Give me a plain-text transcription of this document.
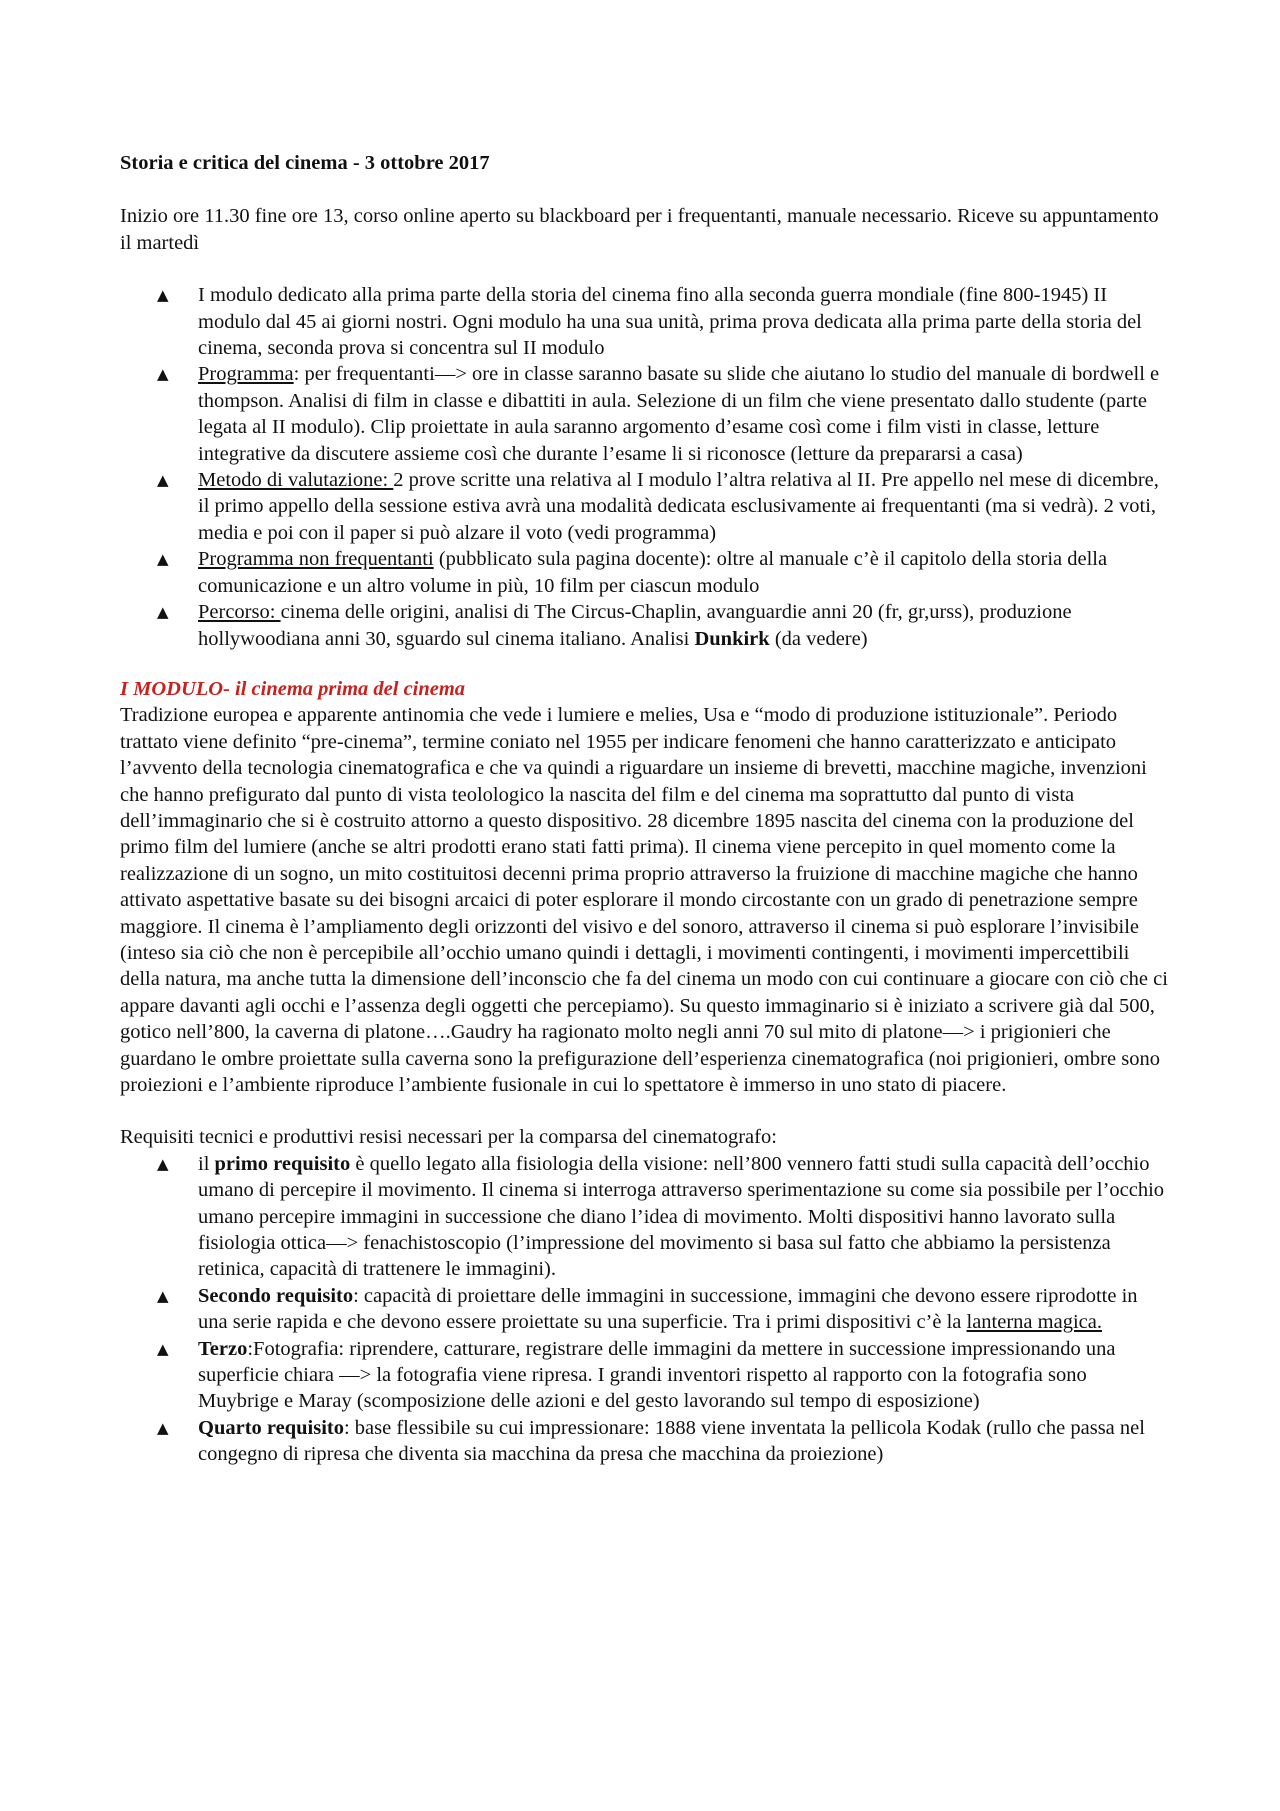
Storia e critica del cinema - 3 ottobre 2017

Inizio ore 11.30 fine ore 13, corso online aperto su blackboard per i frequentanti, manuale necessario. Riceve su appuntamento il martedì

▲ I modulo dedicato alla prima parte della storia del cinema fino alla seconda guerra mondiale (fine 800-1945) II modulo dal 45 ai giorni nostri. Ogni modulo ha una sua unità, prima prova dedicata alla prima parte della storia del cinema, seconda prova si concentra sul II modulo
▲ Programma: per frequentanti—> ore in classe saranno basate su slide che aiutano lo studio del manuale di bordwell e thompson. Analisi di film in classe e dibattiti in aula. Selezione di un film che viene presentato dallo studente (parte legata al II modulo). Clip proiettate in aula saranno argomento d’esame così come i film visti in classe, letture integrative da discutere assieme così che durante l’esame li si riconosce (letture da prepararsi a casa)
▲ Metodo di valutazione: 2 prove scritte una relativa al I modulo l’altra relativa al II. Pre appello nel mese di dicembre, il primo appello della sessione estiva avrà una modalità dedicata esclusivamente ai frequentanti (ma si vedrà). 2 voti, media e poi con il paper si può alzare il voto (vedi programma)
▲ Programma non frequentanti (pubblicato sula pagina docente): oltre al manuale c’è il capitolo della storia della comunicazione e un altro volume in più, 10 film per ciascun modulo
▲ Percorso: cinema delle origini, analisi di The Circus-Chaplin, avanguardie anni 20 (fr, gr,urss), produzione hollywoodiana anni 30, sguardo sul cinema italiano. Analisi Dunkirk (da vedere)

I MODULO- il cinema prima del cinema

Tradizione europea e apparente antinomia che vede i lumiere e melies, Usa e “modo di produzione istituzionale”. Periodo trattato viene definito “pre-cinema”, termine coniato nel 1955 per indicare fenomeni che hanno caratterizzato e anticipato l’avvento della tecnologia cinematografica e che va quindi a riguardare un insieme di brevetti, macchine magiche, invenzioni che hanno prefigurato dal punto di vista teolologico la nascita del film e del cinema ma soprattutto dal punto di vista dell’immaginario che si è costruito attorno a questo dispositivo. 28 dicembre 1895 nascita del cinema con la produzione del primo film del lumiere (anche se altri prodotti erano stati fatti prima). Il cinema viene percepito in quel momento come la realizzazione di un sogno, un mito costituitosi decenni prima proprio attraverso la fruizione di macchine magiche che hanno attivato aspettative basate su dei bisogni arcaici di poter esplorare il mondo circostante con un grado di penetrazione sempre maggiore. Il cinema è l’ampliamento degli orizzonti del visivo e del sonoro, attraverso il cinema si può esplorare l’invisibile (inteso sia ciò che non è percepibile all’occhio umano quindi i dettagli, i movimenti contingenti, i movimenti impercettibili della natura, ma anche tutta la dimensione dell’inconscio che fa del cinema un modo con cui continuare a giocare con ciò che ci appare davanti agli occhi e l’assenza degli oggetti che percepiamo). Su questo immaginario si è iniziato a scrivere già dal 500, gotico nell’800, la caverna di platone….Gaudry ha ragionato molto negli anni 70 sul mito di platone—> i prigionieri che guardano le ombre proiettate sulla caverna sono la prefigurazione dell’esperienza cinematografica (noi prigionieri, ombre sono proiezioni e l’ambiente riproduce l’ambiente fusionale in cui lo spettatore è immerso in uno stato di piacere.

Requisiti tecnici e produttivi resisi necessari per la comparsa del cinematografo:

▲ il primo requisito è quello legato alla fisiologia della visione: nell’800 vennero fatti studi sulla capacità dell’occhio umano di percepire il movimento. Il cinema si interroga attraverso sperimentazione su come sia possibile per l’occhio umano percepire immagini in successione che diano l’idea di movimento. Molti dispositivi hanno lavorato sulla fisiologia ottica—> fenachistoscopio (l’impressione del movimento si basa sul fatto che abbiamo la persistenza retinica, capacità di trattenere le immagini).
▲ Secondo requisito: capacità di proiettare delle immagini in successione, immagini che devono essere riprodotte in una serie rapida e che devono essere proiettate su una superficie. Tra i primi dispositivi c’è la lanterna magica.
▲ Terzo:Fotografia: riprendere, catturare, registrare delle immagini da mettere in successione impressionando una superficie chiara —> la fotografia viene ripresa. I grandi inventori rispetto al rapporto con la fotografia sono Muybrige e Maray (scomposizione delle azioni e del gesto lavorando sul tempo di esposizione)
▲ Quarto requisito: base flessibile su cui impressionare: 1888 viene inventata la pellicola Kodak (rullo che passa nel congegno di ripresa che diventa sia macchina da presa che macchina da proiezione)
